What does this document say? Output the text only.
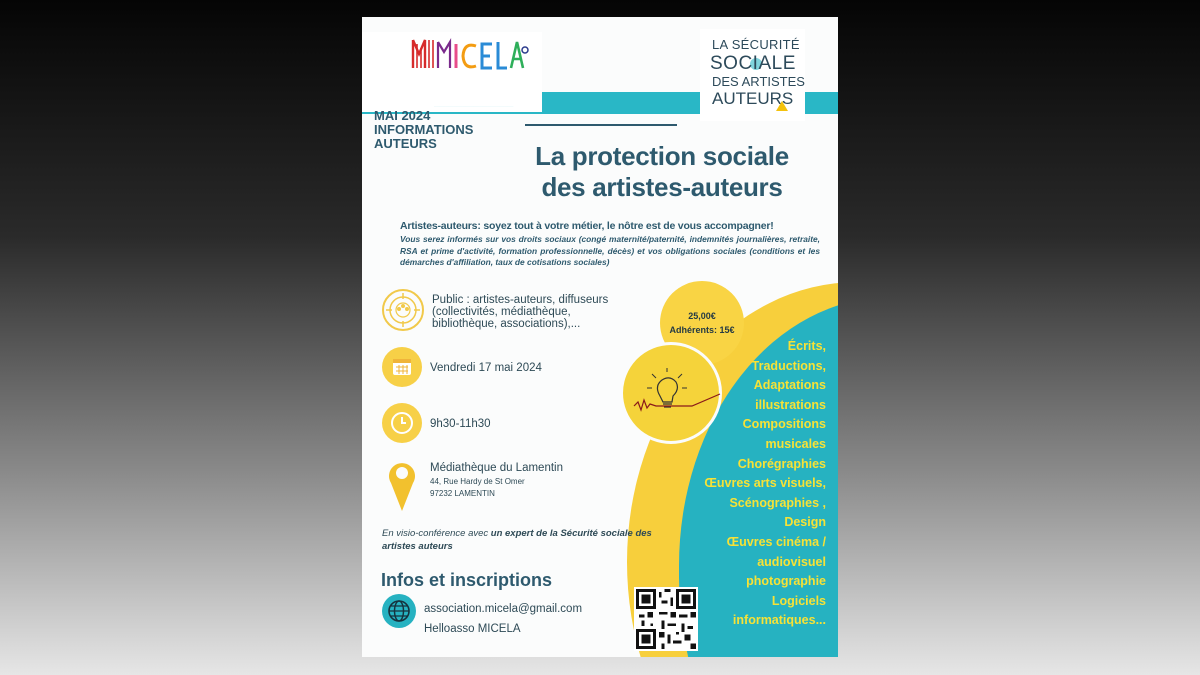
● MICELA ●
────────────────────────────
LA SÉCURITÉ
SOCIALE
DES ARTISTES
AUTEURS
MAI 2024
INFORMATIONS
AUTEURS	La protection sociale
des artistes-auteurs
Artistes-auteurs: soyez tout à votre métier, le nôtre est de vous accompagner!
Vous serez informés sur vos droits sociaux (congé maternité/paternité, indemnités journalières, retraite, RSA et prime d'activité, formation professionnelle, décès) et vos obligations sociales (conditions et les démarches d'affiliation, taux de cotisations sociales)
25,00€
Adhérents: 15€
Public : artistes-auteurs, diffuseurs
(collectivités, médiathèque,
bibliothèque, associations),...
Vendredi 17 mai 2024
9h30-11h30
Médiathèque du Lamentin
44, Rue Hardy de St Omer
97232 LAMENTIN
En visio-conférence avec un expert de la Sécurité sociale des artistes auteurs
Infos et inscriptions
association.micela@gmail.com
Helloasso MICELA
Écrits,
Traductions,
Adaptations
illustrations
Compositions
musicales
Chorégraphies
Œuvres arts visuels,
Scénographies ,
Design
Œuvres cinéma /
audiovisuel
photographie
Logiciels
informatiques...
